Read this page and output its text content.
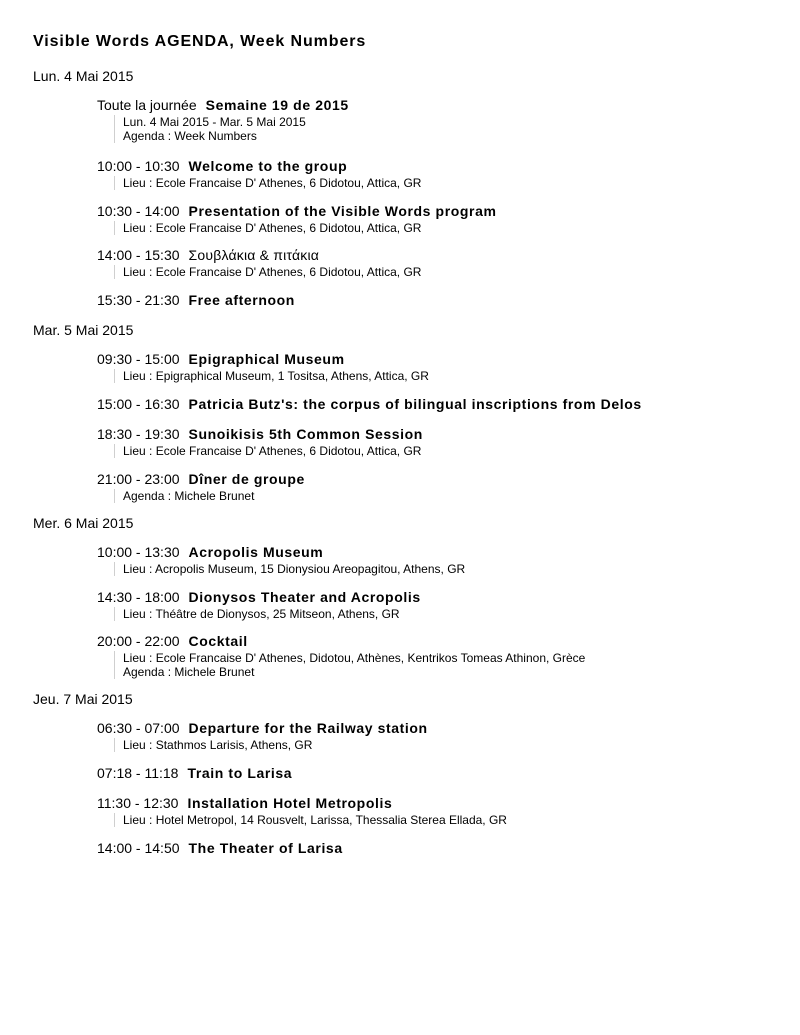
Visible Words AGENDA, Week Numbers
Lun. 4 Mai 2015
Toute la journée Semaine 19 de 2015
Lun. 4 Mai 2015 - Mar. 5 Mai 2015
Agenda : Week Numbers
10:00 - 10:30 Welcome to the group
Lieu : Ecole Francaise D' Athenes, 6 Didotou, Attica, GR
10:30 - 14:00 Presentation of the Visible Words program
Lieu : Ecole Francaise D' Athenes, 6 Didotou, Attica, GR
14:00 - 15:30 Σουβλάκια & πιτάκια
Lieu : Ecole Francaise D' Athenes, 6 Didotou, Attica, GR
15:30 - 21:30 Free afternoon
Mar. 5 Mai 2015
09:30 - 15:00 Epigraphical Museum
Lieu : Epigraphical Museum, 1 Tositsa, Athens, Attica, GR
15:00 - 16:30 Patricia Butz's: the corpus of bilingual inscriptions from Delos
18:30 - 19:30 Sunoikisis 5th Common Session
Lieu : Ecole Francaise D' Athenes, 6 Didotou, Attica, GR
21:00 - 23:00 Dîner de groupe
Agenda : Michele Brunet
Mer. 6 Mai 2015
10:00 - 13:30 Acropolis Museum
Lieu : Acropolis Museum, 15 Dionysiou Areopagitou, Athens, GR
14:30 - 18:00 Dionysos Theater and Acropolis
Lieu : Théâtre de Dionysos, 25 Mitseon, Athens, GR
20:00 - 22:00 Cocktail
Lieu : Ecole Francaise D' Athenes, Didotou, Athènes, Kentrikos Tomeas Athinon, Grèce
Agenda : Michele Brunet
Jeu. 7 Mai 2015
06:30 - 07:00 Departure for the Railway station
Lieu : Stathmos Larisis, Athens, GR
07:18 - 11:18 Train to Larisa
11:30 - 12:30 Installation Hotel Metropolis
Lieu : Hotel Metropol, 14 Rousvelt, Larissa, Thessalia Sterea Ellada, GR
14:00 - 14:50 The Theater of Larisa
